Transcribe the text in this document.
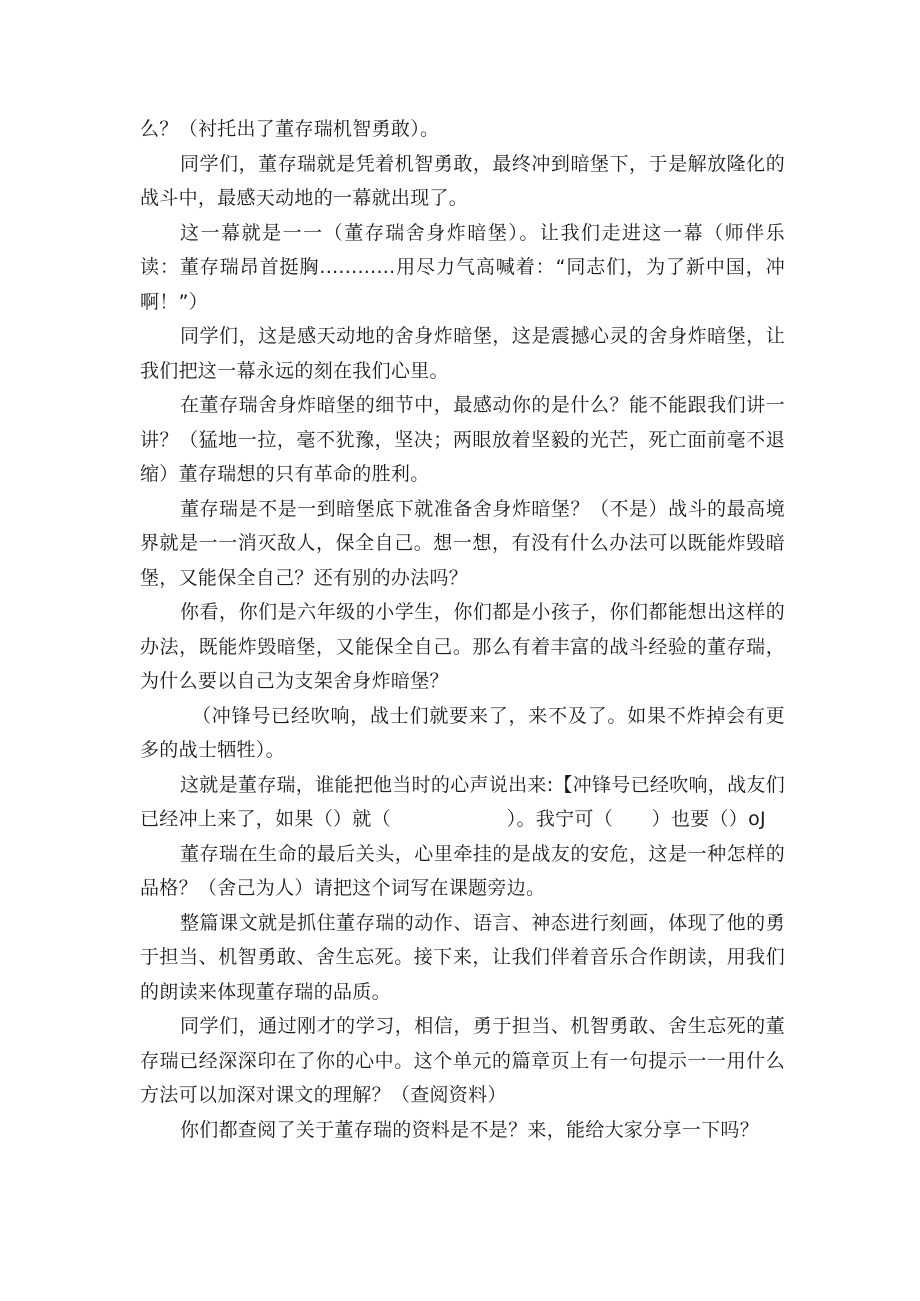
么？（衬托出了董存瑞机智勇敢）。

同学们，董存瑞就是凭着机智勇敢，最终冲到暗堡下，于是解放隆化的战斗中，最感天动地的一幕就出现了。

这一幕就是一一（董存瑞舍身炸暗堡）。让我们走进这一幕（师伴乐读：董存瑞昂首挺胸............用尽力气高喊着：“同志们，为了新中国，冲啊！”）

同学们，这是感天动地的舍身炸暗堡，这是震撼心灵的舍身炸暗堡，让我们把这一幕永远的刻在我们心里。

在董存瑞舍身炸暗堡的细节中，最感动你的是什么？能不能跟我们讲一讲？（猛地一拉，毫不犹豫，坚决；两眼放着坚毅的光芒，死亡面前毫不退缩）董存瑞想的只有革命的胜利。

董存瑞是不是一到暗堡底下就准备舍身炸暗堡？（不是）战斗的最高境界就是一一消灭敌人，保全自己。想一想，有没有什么办法可以既能炸毁暗堡，又能保全自己？还有别的办法吗？

你看，你们是六年级的小学生，你们都是小孩子，你们都能想出这样的办法，既能炸毁暗堡，又能保全自己。那么有着丰富的战斗经验的董存瑞，为什么要以自己为支架舍身炸暗堡？

（冲锋号已经吹响，战士们就要来了，来不及了。如果不炸掉会有更多的战士牺牲）。

这就是董存瑞，谁能把他当时的心声说出来:【冲锋号已经吹响，战友们已经冲上来了，如果（）就（　　　　　　）。我宁可（　　）也要（）oJ

董存瑞在生命的最后关头，心里牵挂的是战友的安危，这是一种怎样的品格？（舍己为人）请把这个词写在课题旁边。

整篇课文就是抓住董存瑞的动作、语言、神态进行刻画，体现了他的勇于担当、机智勇敢、舍生忘死。接下来，让我们伴着音乐合作朗读，用我们的朗读来体现董存瑞的品质。

同学们，通过刚才的学习，相信，勇于担当、机智勇敢、舍生忘死的董存瑞已经深深印在了你的心中。这个单元的篇章页上有一句提示一一用什么方法可以加深对课文的理解？（查阅资料）

你们都查阅了关于董存瑞的资料是不是？来，能给大家分享一下吗？
